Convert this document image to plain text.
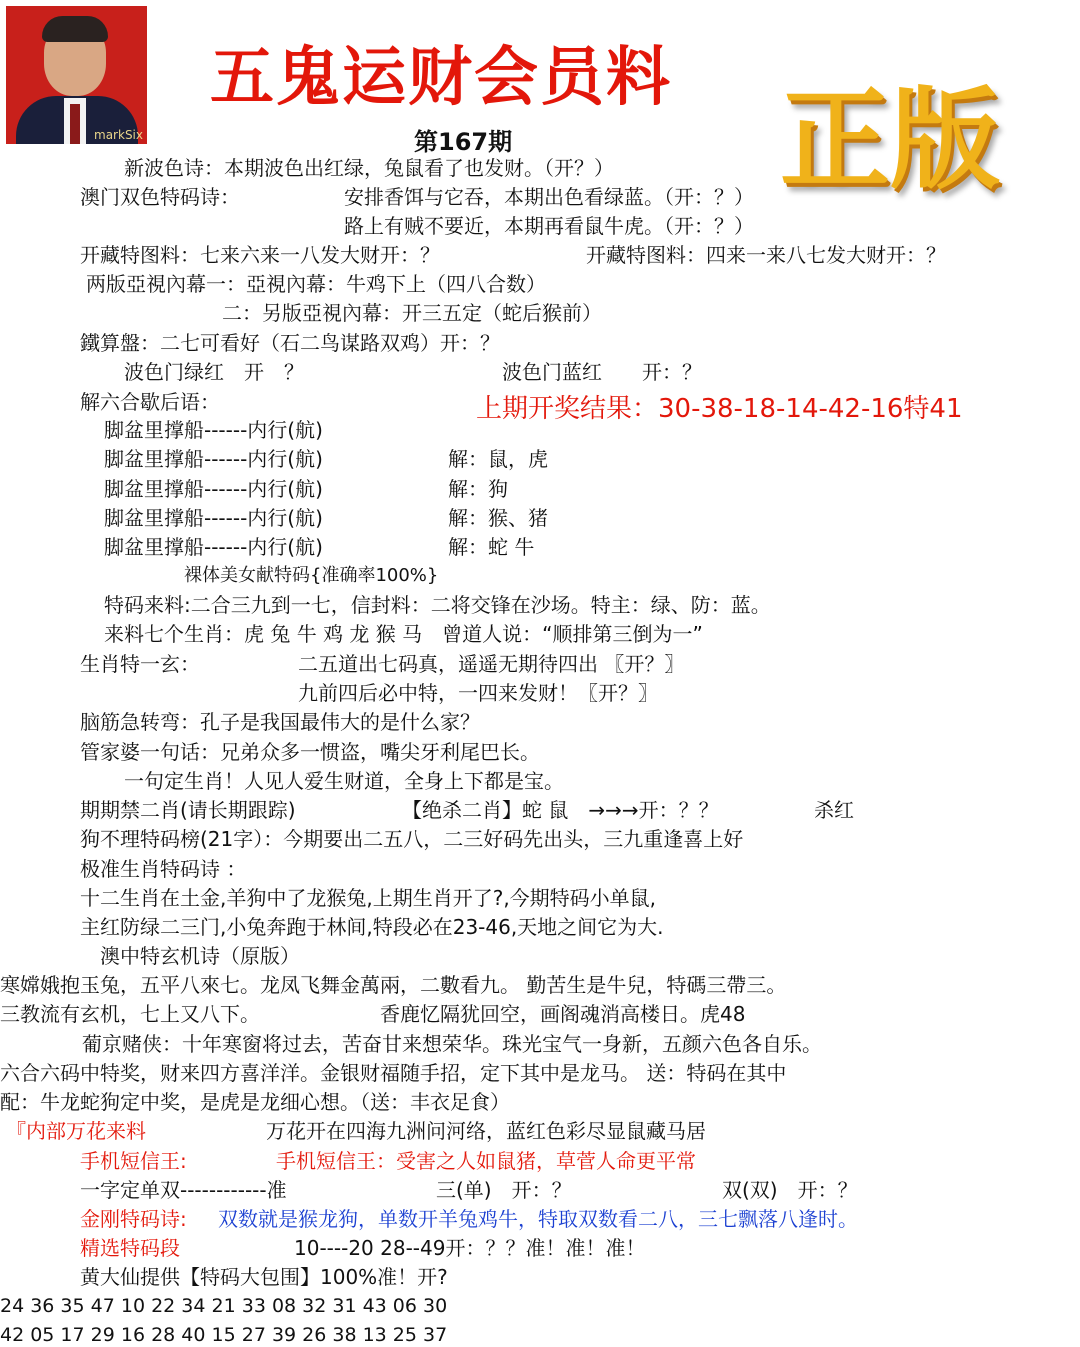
markSix
五鬼运财会员料
第167期 正版
上期开奖结果：30-38-18-14-42-16特41
新波色诗：本期波色出红绿，兔鼠看了也发财。（开？）
澳门双色特码诗：	安排香饵与它吞，本期出色看绿蓝。（开：？）
路上有贼不要近，本期再看鼠牛虎。（开：？）
开藏特图料：七来六来一八发大财开：？	开藏特图料：四来一来八七发大财开：？
两版亞視內幕一：亞視內幕：牛鸡下上（四八合数）
二：另版亞視內幕：开三五定（蛇后猴前）
鐵算盤：二七可看好（石二鸟谋路双鸡）开：？
波色门绿红　开　？	波色门蓝红　　开：？
解六合歇后语：
脚盆里撑船------内行(航)
脚盆里撑船------内行(航)	解：鼠，虎
脚盆里撑船------内行(航)	解：狗
脚盆里撑船------内行(航)	解：猴、猪
脚盆里撑船------内行(航)	解：蛇 牛
裸体美女献特码{准确率100%}
特码来料:二合三九到一七，信封料：二将交锋在沙场。特主：绿、防：蓝。
来料七个生肖：虎 兔 牛 鸡 龙 猴 马　曾道人说：“顺排第三倒为一”
生肖特一玄：	二五道出七码真，遥遥无期待四出 〖开？〗
九前四后必中特，一四来发财！〖开？〗
脑筋急转弯：孔子是我国最伟大的是什么家？
管家婆一句话：兄弟众多一惯盗，嘴尖牙利尾巴长。
一句定生肖！人见人爱生财道，全身上下都是宝。
期期禁二肖(请长期跟踪)	【绝杀二肖】蛇 鼠　→→→开：？？	杀红
狗不理特码榜(21字）：今期要出二五八，二三好码先出头，三九重逢喜上好
极准生肖特码诗 ：
十二生肖在土金,羊狗中了龙猴兔,上期生肖开了?,今期特码小单鼠,
主红防绿二三门,小兔奔跑于林间,特段必在23-46,天地之间它为大.
澳中特玄机诗（原版）
寒嫦娥抱玉兔，五平八來七。龙凤飞舞金萬兩，二數看九。 勤苦生是牛兒，特碼三帶三。
三教流有玄机，七上又八下。	香鹿忆隔犹回空，画阁魂消高楼日。虎48
葡京赌侠：十年寒窗将过去，苦奋甘来想荣华。珠光宝气一身新，五颜六色各自乐。
六合六码中特奖，财来四方喜洋洋。金银财福随手招，定下其中是龙马。 送：特码在其中
配：牛龙蛇狗定中奖，是虎是龙细心想。（送：丰衣足食）
『内部万花来料	万花开在四海九洲问河络，蓝红色彩尽显鼠藏马居
手机短信王:	手机短信王：受害之人如鼠猪，草菅人命更平常
一字定单双------------准	三(单)　开：？	双(双)　开：？
金刚特码诗: 双数就是猴龙狗，单数开羊兔鸡牛，特取双数看二八，三七飘落八逢时。
精选特码段	10----20 28--49开：？？准！准！准！
黄大仙提供【特码大包围】100%准！开?
24 36 35 47 10 22 34 21 33 08 32 31 43 06 30
42 05 17 29 16 28 40 15 27 39 26 38 13 25 37
